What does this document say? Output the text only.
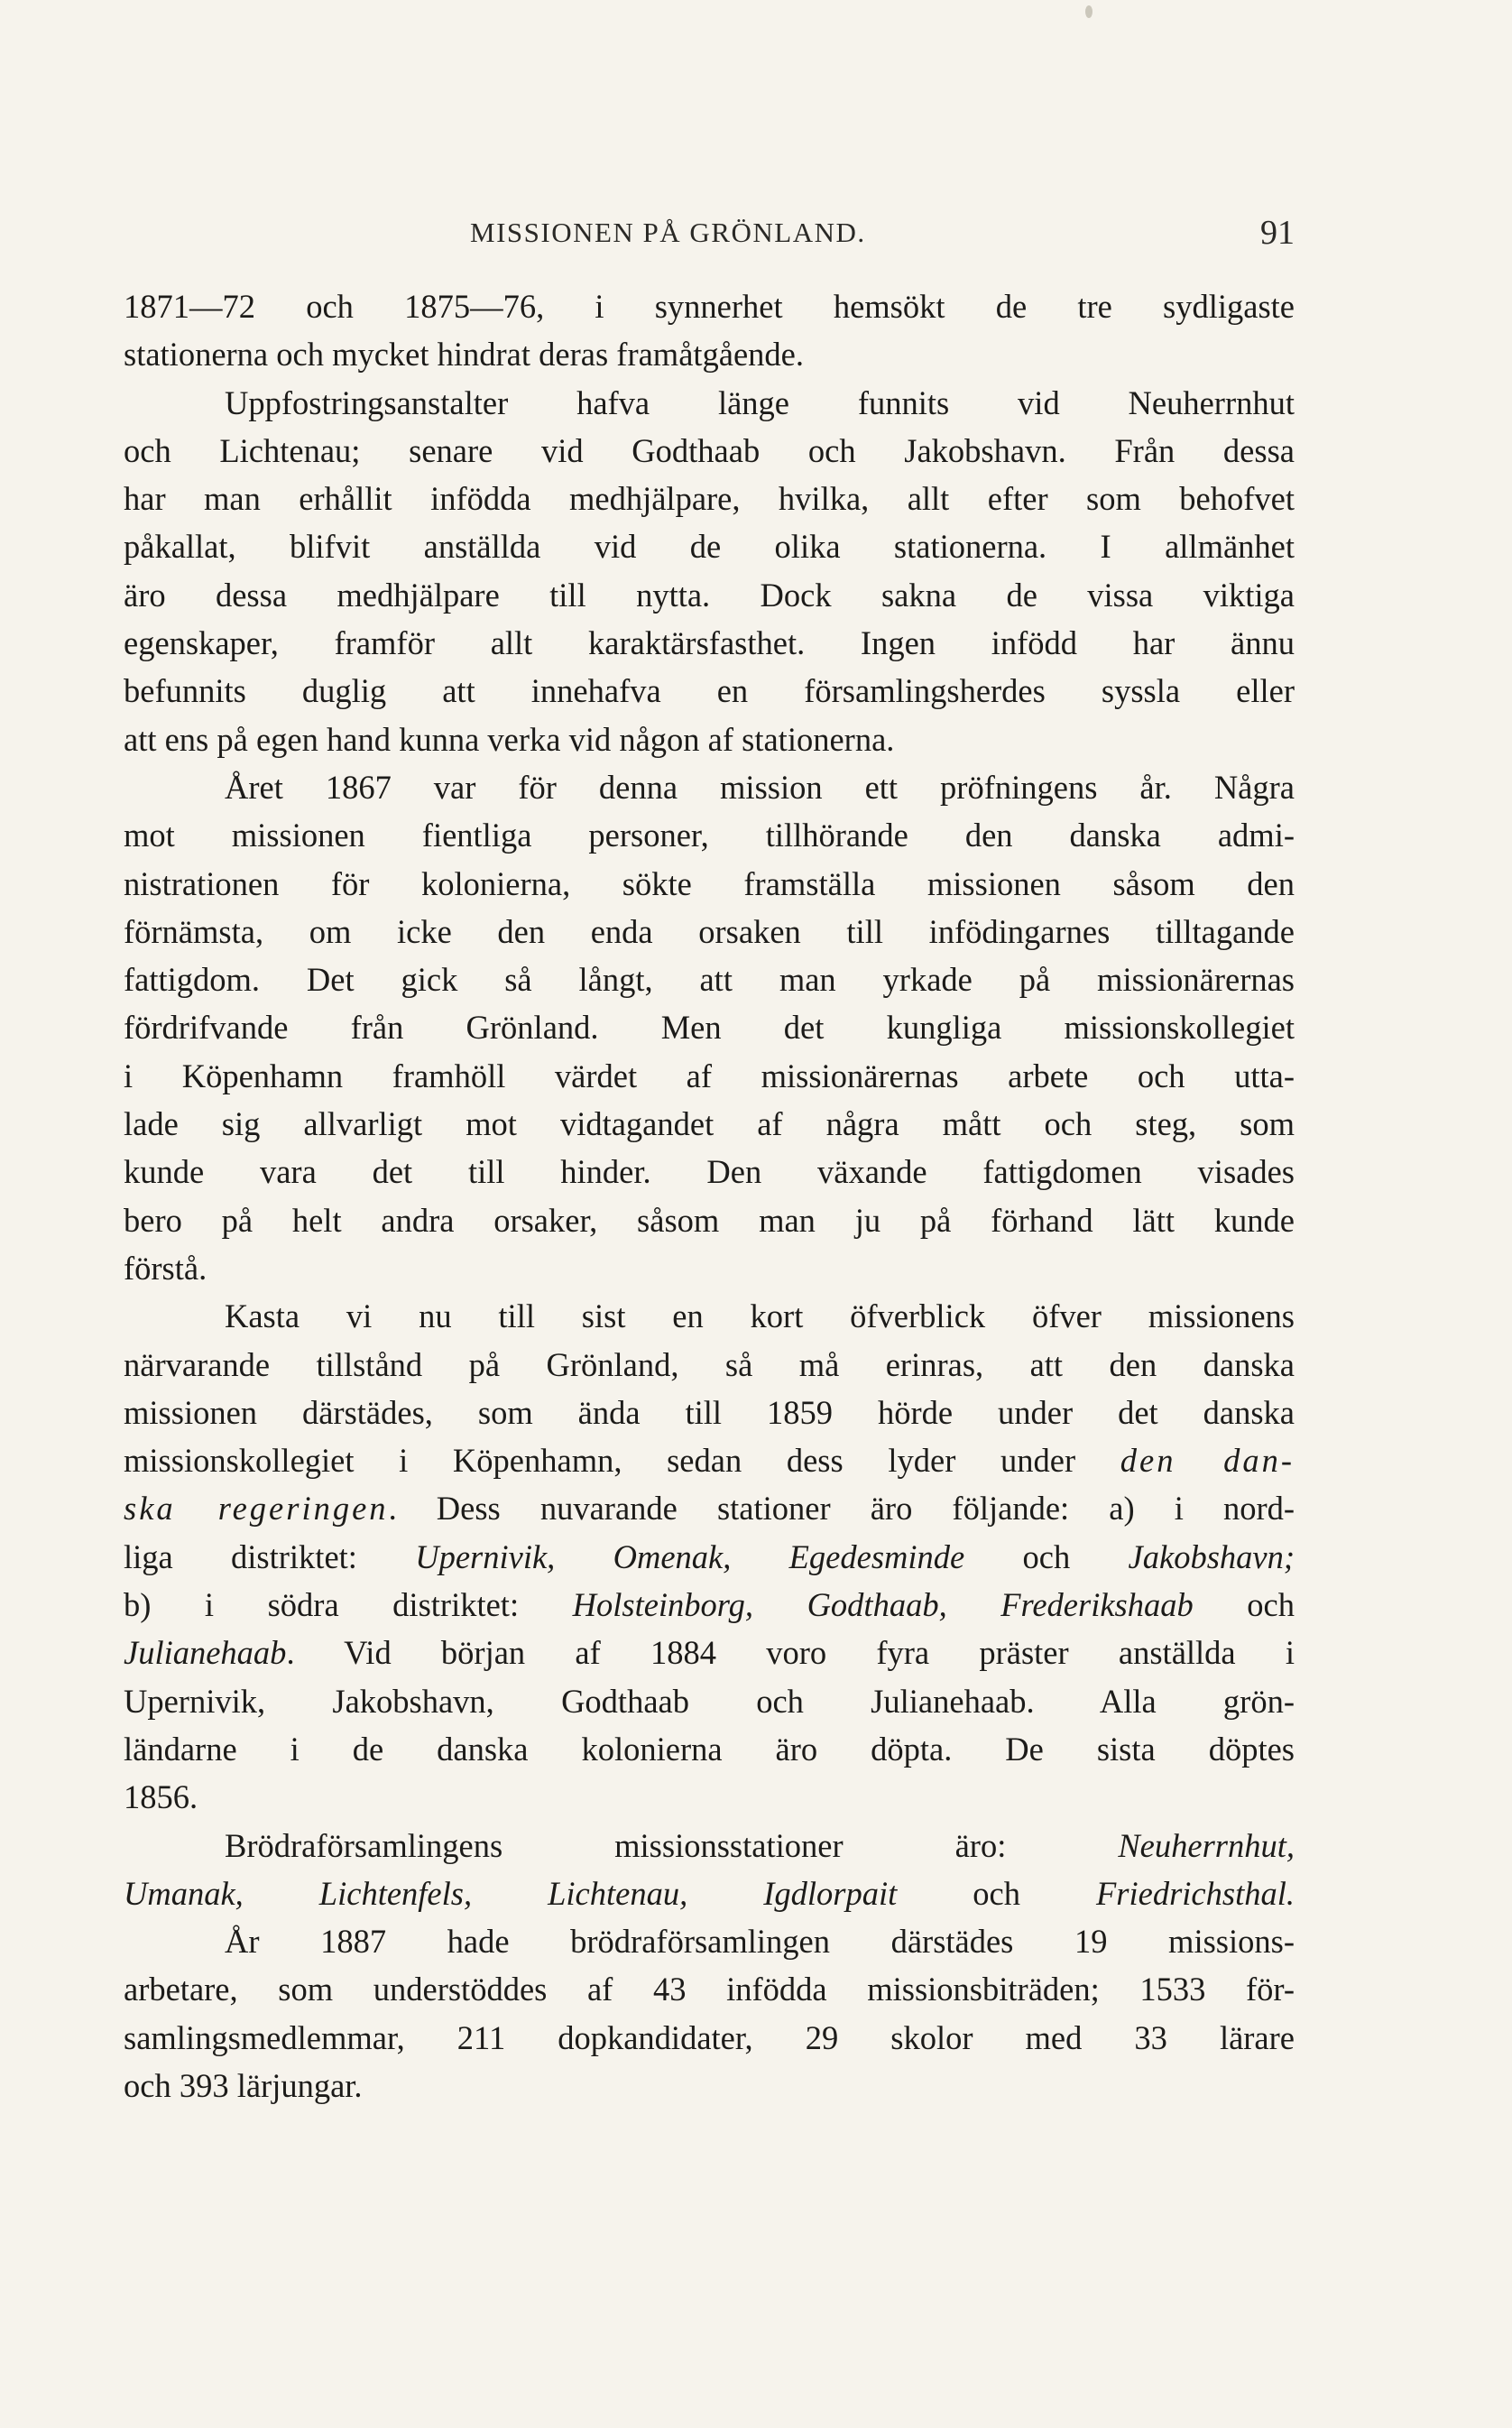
MISSIONEN PÅ GRÖNLAND.	91
1871—72 och 1875—76, i synnerhet hemsökt de tre sydligaste
stationerna och mycket hindrat deras framåtgående.
Uppfostringsanstalter hafva länge funnits vid Neuherrnhut
och Lichtenau; senare vid Godthaab och Jakobshavn. Från dessa
har man erhållit infödda medhjälpare, hvilka, allt efter som behofvet
påkallat, blifvit anställda vid de olika stationerna. I allmänhet
äro dessa medhjälpare till nytta. Dock sakna de vissa viktiga
egenskaper, framför allt karaktärsfasthet. Ingen infödd har ännu
befunnits duglig att innehafva en församlingsherdes syssla eller
att ens på egen hand kunna verka vid någon af stationerna.
Året 1867 var för denna mission ett pröfningens år. Några
mot missionen fientliga personer, tillhörande den danska admi-
nistrationen för kolonierna, sökte framställa missionen såsom den
förnämsta, om icke den enda orsaken till infödingarnes tilltagande
fattigdom. Det gick så långt, att man yrkade på missionärernas
fördrifvande från Grönland. Men det kungliga missionskollegiet
i Köpenhamn framhöll värdet af missionärernas arbete och utta-
lade sig allvarligt mot vidtagandet af några mått och steg, som
kunde vara det till hinder. Den växande fattigdomen visades
bero på helt andra orsaker, såsom man ju på förhand lätt kunde
förstå.
Kasta vi nu till sist en kort öfverblick öfver missionens
närvarande tillstånd på Grönland, så må erinras, att den danska
missionen därstädes, som ända till 1859 hörde under det danska
missionskollegiet i Köpenhamn, sedan dess lyder under den dan-
ska regeringen. Dess nuvarande stationer äro följande: a) i nord-
liga distriktet: Upernivik, Omenak, Egedesminde och Jakobshavn;
b) i södra distriktet: Holsteinborg, Godthaab, Frederikshaab och
Julianehaab. Vid början af 1884 voro fyra präster anställda i
Upernivik, Jakobshavn, Godthaab och Julianehaab. Alla grön-
ländarne i de danska kolonierna äro döpta. De sista döptes
1856.
Brödraförsamlingens missionsstationer äro: Neuherrnhut,
Umanak, Lichtenfels, Lichtenau, Igdlorpait och Friedrichsthal.
År 1887 hade brödraförsamlingen därstädes 19 missions-
arbetare, som understöddes af 43 infödda missionsbiträden; 1533 för-
samlingsmedlemmar, 211 dopkandidater, 29 skolor med 33 lärare
och 393 lärjungar.
